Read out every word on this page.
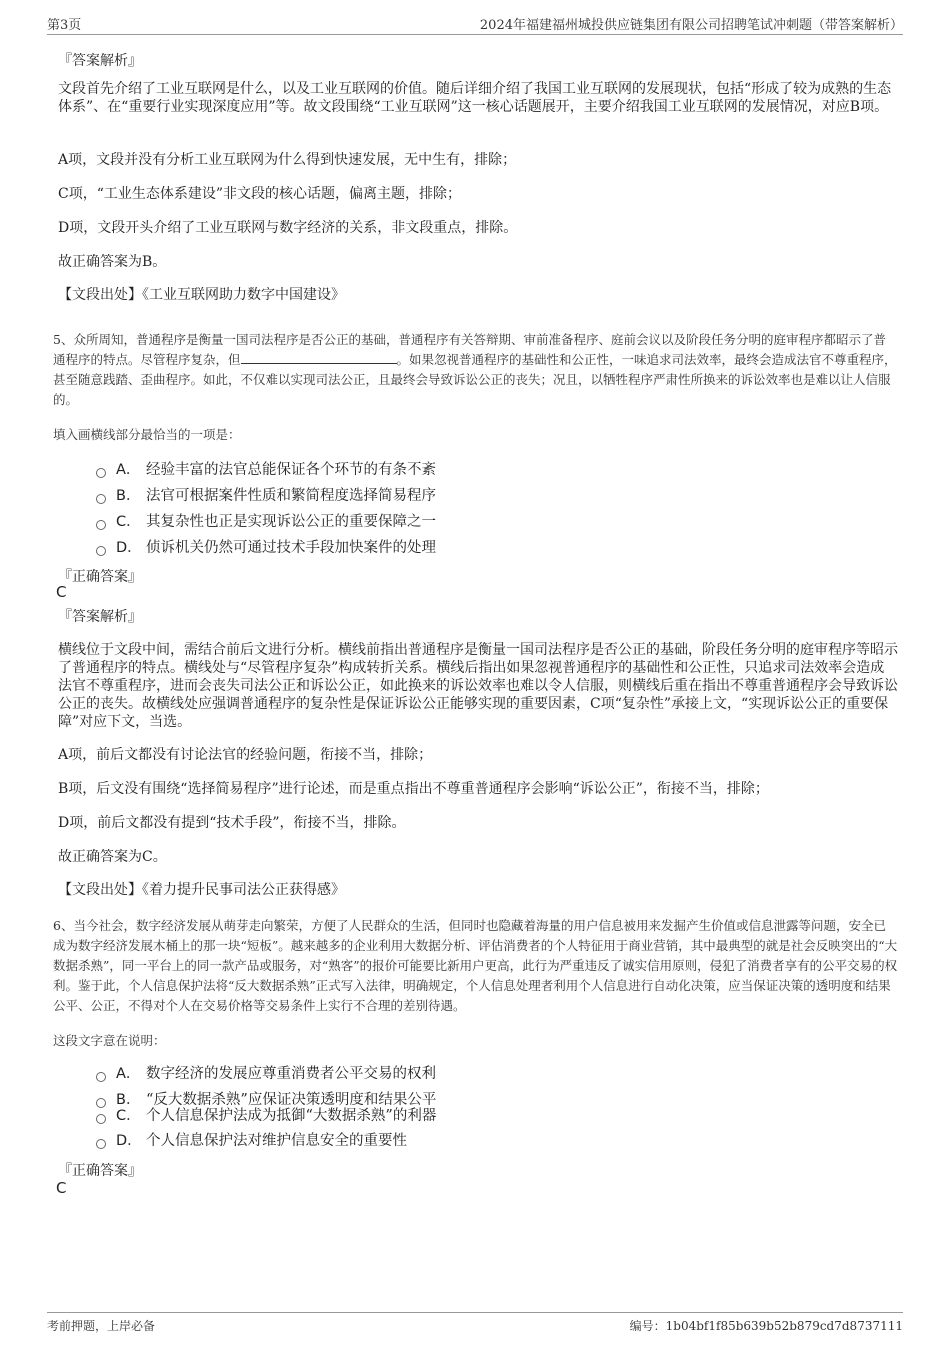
第3页	2024年福建福州城投供应链集团有限公司招聘笔试冲刺题（带答案解析）
『答案解析』
文段首先介绍了工业互联网是什么，以及工业互联网的价值。随后详细介绍了我国工业互联网的发展现状，包括“形成了较为成熟的生态体系”、在“重要行业实现深度应用”等。故文段围绕“工业互联网”这一核心话题展开，主要介绍我国工业互联网的发展情况，对应B项。
A项，文段并没有分析工业互联网为什么得到快速发展，无中生有，排除；
C项，“工业生态体系建设”非文段的核心话题，偏离主题，排除；
D项，文段开头介绍了工业互联网与数字经济的关系，非文段重点，排除。
故正确答案为B。
【文段出处】《工业互联网助力数字中国建设》
5、众所周知，普通程序是衡量一国司法程序是否公正的基础，普通程序有关答辩期、审前准备程序、庭前会议以及阶段任务分明的庭审程序都昭示了普通程序的特点。尽管程序复杂，但	。如果忽视普通程序的基础性和公正性，一味追求司法效率，最终会造成法官不尊重程序，甚至随意践踏、歪曲程序。如此，不仅难以实现司法公正，且最终会导致诉讼公正的丧失；况且，以牺牲程序严肃性所换来的诉讼效率也是难以让人信服的。
填入画横线部分最恰当的一项是：
A． 经验丰富的法官总能保证各个环节的有条不紊
B． 法官可根据案件性质和繁简程度选择简易程序
C． 其复杂性也正是实现诉讼公正的重要保障之一
D． 侦诉机关仍然可通过技术手段加快案件的处理
『正确答案』
C
『答案解析』
横线位于文段中间，需结合前后文进行分析。横线前指出普通程序是衡量一国司法程序是否公正的基础，阶段任务分明的庭审程序等昭示了普通程序的特点。横线处与“尽管程序复杂”构成转折关系。横线后指出如果忽视普通程序的基础性和公正性，只追求司法效率会造成法官不尊重程序，进而会丧失司法公正和诉讼公正，如此换来的诉讼效率也难以令人信服，则横线后重在指出不尊重普通程序会导致诉讼公正的丧失。故横线处应强调普通程序的复杂性是保证诉讼公正能够实现的重要因素，C项“复杂性”承接上文，“实现诉讼公正的重要保障”对应下文，当选。
A项，前后文都没有讨论法官的经验问题，衔接不当，排除；
B项，后文没有围绕“选择简易程序”进行论述，而是重点指出不尊重普通程序会影响“诉讼公正”，衔接不当，排除；
D项，前后文都没有提到“技术手段”，衔接不当，排除。
故正确答案为C。
【文段出处】《着力提升民事司法公正获得感》
6、当今社会，数字经济发展从萌芽走向繁荣，方便了人民群众的生活，但同时也隐藏着海量的用户信息被用来发掘产生价值或信息泄露等问题，安全已成为数字经济发展木桶上的那一块“短板”。越来越多的企业利用大数据分析、评估消费者的个人特征用于商业营销，其中最典型的就是社会反映突出的“大数据杀熟”，同一平台上的同一款产品或服务，对“熟客”的报价可能要比新用户更高，此行为严重违反了诚实信用原则，侵犯了消费者享有的公平交易的权利。鉴于此，个人信息保护法将“反大数据杀熟”正式写入法律，明确规定，个人信息处理者利用个人信息进行自动化决策，应当保证决策的透明度和结果公平、公正，不得对个人在交易价格等交易条件上实行不合理的差别待遇。
这段文字意在说明：
A． 数字经济的发展应尊重消费者公平交易的权利
B． “反大数据杀熟”应保证决策透明度和结果公平
C． 个人信息保护法成为抵御“大数据杀熟”的利器
D． 个人信息保护法对维护信息安全的重要性
『正确答案』
C
考前押题，上岸必备	编号：1b04bf1f85b639b52b879cd7d8737111
